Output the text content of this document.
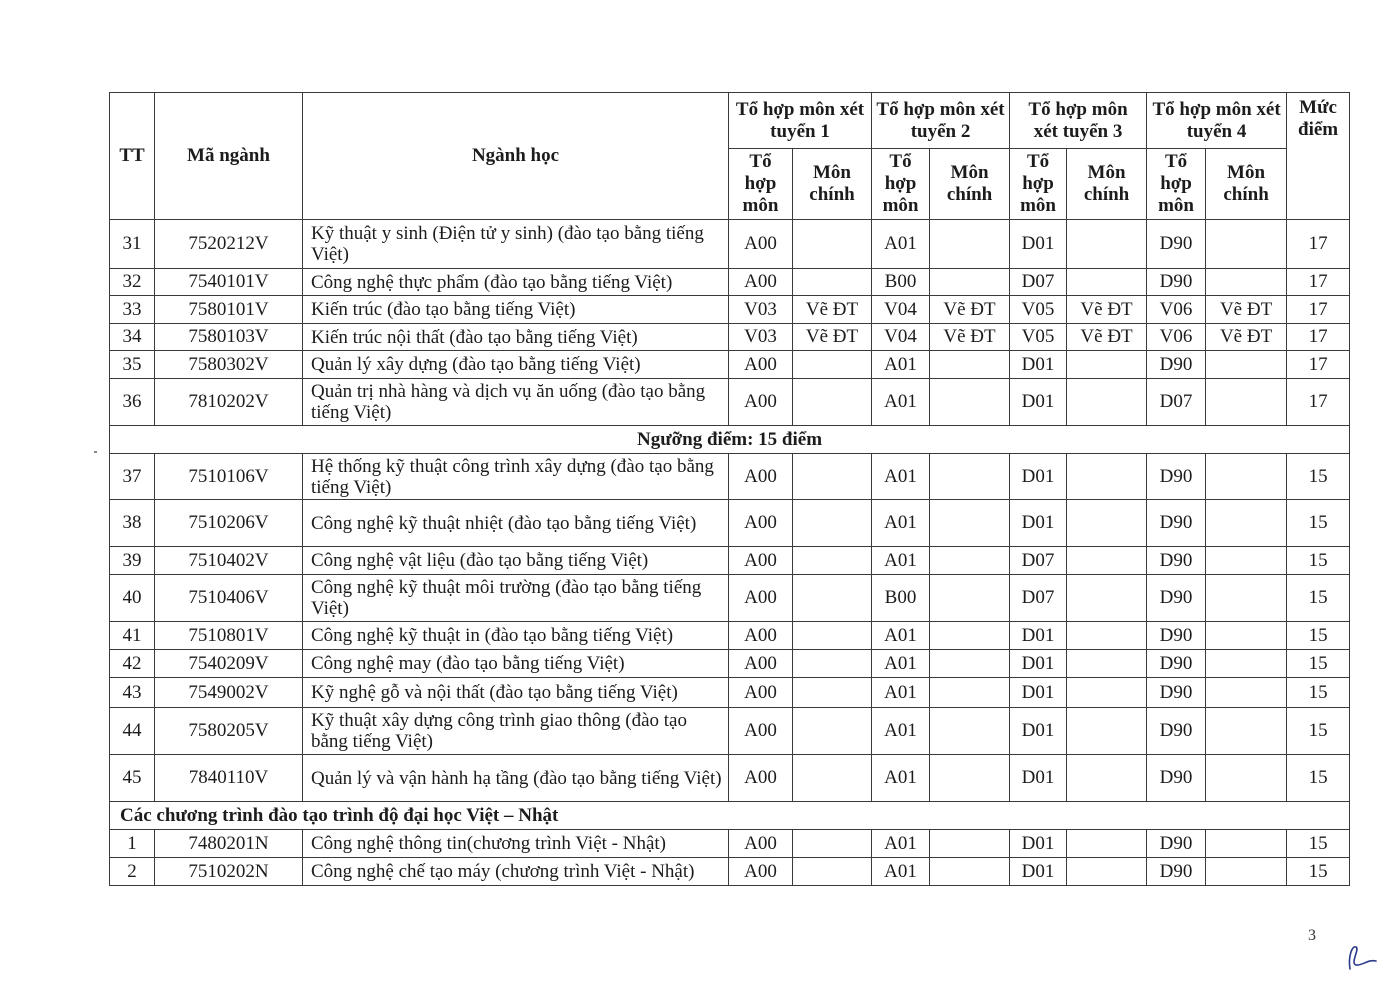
TT	Mã ngành	Ngành học	Tổ hợp môn xét tuyển 1		Tổ hợp môn xét tuyển 2		Tổ hợp môn xét tuyển 3		Tổ hợp môn xét tuyển 4		Mức điểm
			Tổ hợp môn	Môn chính	Tổ hợp môn	Môn chính	Tổ hợp môn	Môn chính	Tổ hợp môn	Môn chính	
31	7520212V	Kỹ thuật y sinh (Điện tử y sinh) (đào tạo bằng tiếng Việt)	A00		A01		D01		D90		17
32	7540101V	Công nghệ thực phẩm (đào tạo bằng tiếng Việt)	A00		B00		D07		D90		17
33	7580101V	Kiến trúc (đào tạo bằng tiếng Việt)	V03	Vẽ ĐT	V04	Vẽ ĐT	V05	Vẽ ĐT	V06	Vẽ ĐT	17
34	7580103V	Kiến trúc nội thất (đào tạo bằng tiếng Việt)	V03	Vẽ ĐT	V04	Vẽ ĐT	V05	Vẽ ĐT	V06	Vẽ ĐT	17
35	7580302V	Quản lý xây dựng (đào tạo bằng tiếng Việt)	A00		A01		D01		D90		17
36	7810202V	Quản trị nhà hàng và dịch vụ ăn uống (đào tạo bằng tiếng Việt)	A00		A01		D01		D07		17
Ngưỡng điểm: 15 điểm											
37	7510106V	Hệ thống kỹ thuật công trình xây dựng (đào tạo bằng tiếng Việt)	A00		A01		D01		D90		15
38	7510206V	Công nghệ kỹ thuật nhiệt (đào tạo bằng tiếng Việt)	A00		A01		D01		D90		15
39	7510402V	Công nghệ vật liệu (đào tạo bằng tiếng Việt)	A00		A01		D07		D90		15
40	7510406V	Công nghệ kỹ thuật môi trường (đào tạo bằng tiếng Việt)	A00		B00		D07		D90		15
41	7510801V	Công nghệ kỹ thuật in (đào tạo bằng tiếng Việt)	A00		A01		D01		D90		15
42	7540209V	Công nghệ may (đào tạo bằng tiếng Việt)	A00		A01		D01		D90		15
43	7549002V	Kỹ nghệ gỗ và nội thất (đào tạo bằng tiếng Việt)	A00		A01		D01		D90		15
44	7580205V	Kỹ thuật xây dựng công trình giao thông (đào tạo bằng tiếng Việt)	A00		A01		D01		D90		15
45	7840110V	Quản lý và vận hành hạ tầng (đào tạo bằng tiếng Việt)	A00		A01		D01		D90		15
Các chương trình đào tạo trình độ đại học Việt – Nhật											
1	7480201N	Công nghệ thông tin(chương trình Việt - Nhật)	A00		A01		D01		D90		15
2	7510202N	Công nghệ chế tạo máy (chương trình Việt - Nhật)	A00		A01		D01		D90		15
3
